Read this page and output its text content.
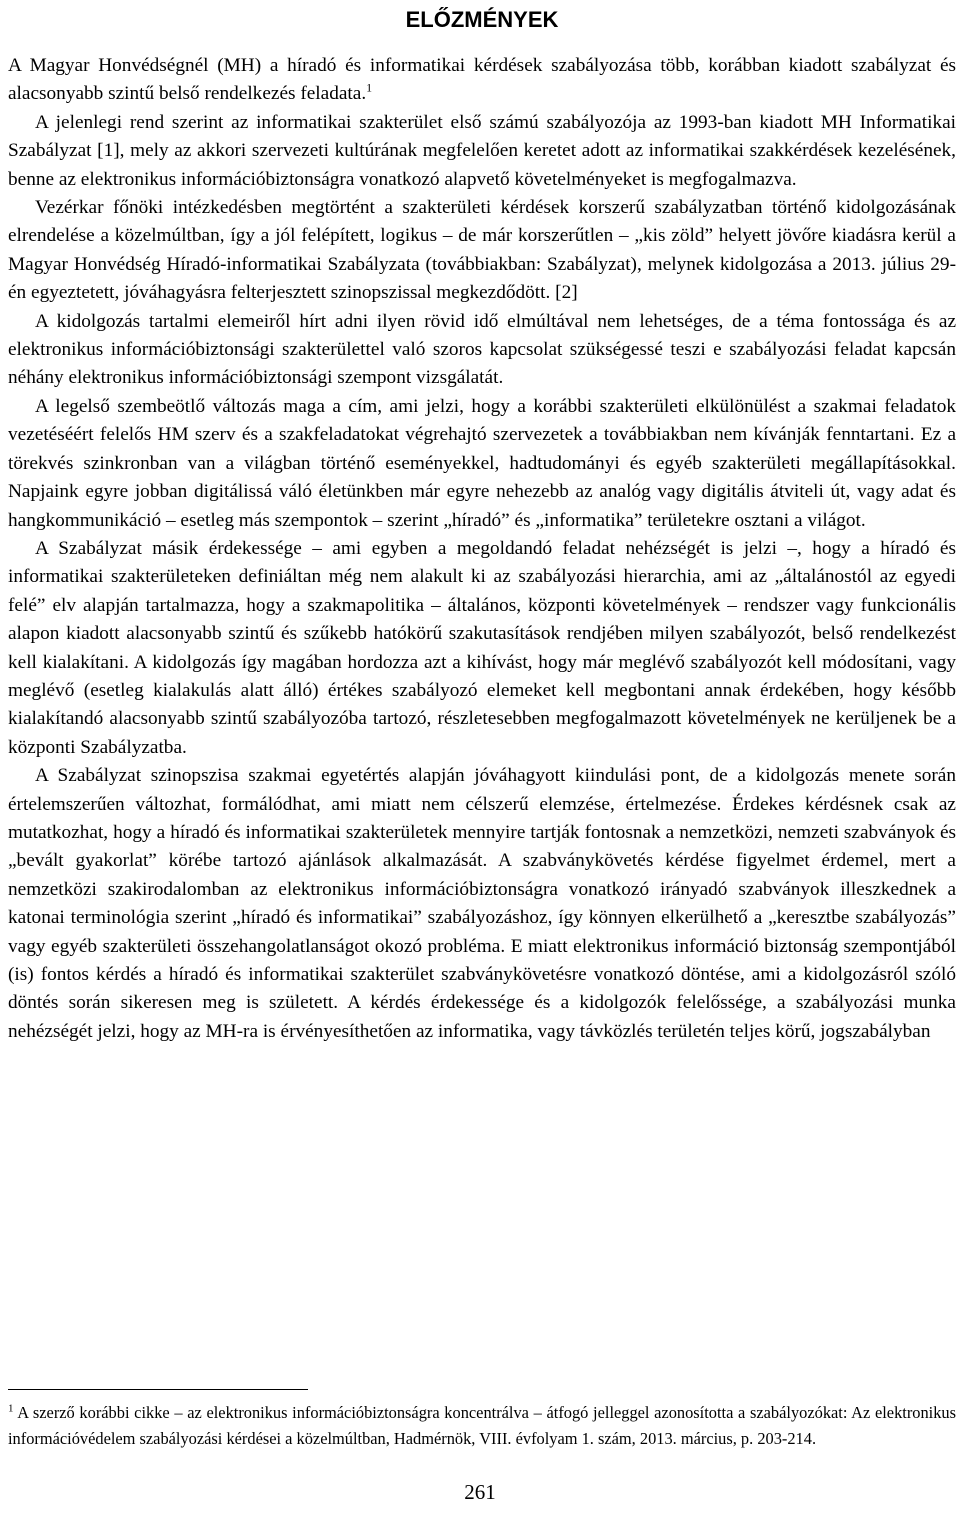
ELŐZMÉNYEK

A Magyar Honvédségnél (MH) a híradó és informatikai kérdések szabályozása több, korábban kiadott szabályzat és alacsonyabb szintű belső rendelkezés feladata.$^1$

A jelenlegi rend szerint az informatikai szakterület első számú szabályozója az 1993-ban kiadott MH Informatikai Szabályzat [1], mely az akkori szervezeti kultúrának megfelelően keretet adott az informatikai szakkérdések kezelésének, benne az elektronikus információbiztonságra vonatkozó alapvető követelményeket is megfogalmazva.

Vezérkar főnöki intézkedésben megtörtént a szakterületi kérdések korszerű szabályzatban történő kidolgozásának elrendelése a közelmúltban, így a jól felépített, logikus – de már korszerűtlen – „kis zöld” helyett jövőre kiadásra kerül a Magyar Honvédség Híradó-informatikai Szabályzata (továbbiakban: Szabályzat), melynek kidolgozása a 2013. július 29-én egyeztetett, jóváhagyásra felterjesztett szinopszissal megkezdődött. [2]

A kidolgozás tartalmi elemeiről hírt adni ilyen rövid idő elmúltával nem lehetséges, de a téma fontossága és az elektronikus információbiztonsági szakterülettel való szoros kapcsolat szükségessé teszi e szabályozási feladat kapcsán néhány elektronikus információbiztonsági szempont vizsgálatát.

A legelső szembeötlő változás maga a cím, ami jelzi, hogy a korábbi szakterületi elkülönülést a szakmai feladatok vezetéséért felelős HM szerv és a szakfeladatokat végrehajtó szervezetek a továbbiakban nem kívánják fenntartani. Ez a törekvés szinkronban van a világban történő eseményekkel, hadtudományi és egyéb szakterületi megállapításokkal. Napjaink egyre jobban digitálissá váló életünkben már egyre nehezebb az analóg vagy digitális átviteli út, vagy adat és hangkommunikáció – esetleg más szempontok – szerint „híradó” és „informatika” területekre osztani a világot.

A Szabályzat másik érdekessége – ami egyben a megoldandó feladat nehézségét is jelzi –, hogy a híradó és informatikai szakterületeken definiáltan még nem alakult ki az szabályozási hierarchia, ami az „általánostól az egyedi felé” elv alapján tartalmazza, hogy a szakmapolitika – általános, központi követelmények – rendszer vagy funkcionális alapon kiadott alacsonyabb szintű és szűkebb hatókörű szakutasítások rendjében milyen szabályozót, belső rendelkezést kell kialakítani. A kidolgozás így magában hordozza azt a kihívást, hogy már meglévő szabályozót kell módosítani, vagy meglévő (esetleg kialakulás alatt álló) értékes szabályozó elemeket kell megbontani annak érdekében, hogy később kialakítandó alacsonyabb szintű szabályozóba tartozó, részletesebben megfogalmazott követelmények ne kerüljenek be a központi Szabályzatba.

A Szabályzat szinopszisa szakmai egyetértés alapján jóváhagyott kiindulási pont, de a kidolgozás menete során értelemszerűen változhat, formálódhat, ami miatt nem célszerű elemzése, értelmezése. Érdekes kérdésnek csak az mutatkozhat, hogy a híradó és informatikai szakterületek mennyire tartják fontosnak a nemzetközi, nemzeti szabványok és „bevált gyakorlat” körébe tartozó ajánlások alkalmazását. A szabványkövetés kérdése figyelmet érdemel, mert a nemzetközi szakirodalomban az elektronikus információbiztonságra vonatkozó irányadó szabványok illeszkednek a katonai terminológia szerint „híradó és informatikai” szabályozáshoz, így könnyen elkerülhető a „keresztbe szabályozás” vagy egyéb szakterületi összehangolatlanságot okozó probléma. E miatt elektronikus információ biztonság szempontjából (is) fontos kérdés a híradó és informatikai szakterület szabványkövetésre vonatkozó döntése, ami a kidolgozásról szóló döntés során sikeresen meg is született. A kérdés érdekessége és a kidolgozók felelőssége, a szabályozási munka nehézségét jelzi, hogy az MH-ra is érvényesíthetően az informatika, vagy távközlés területén teljes körű, jogszabályban

$^1$ A szerző korábbi cikke – az elektronikus információbiztonságra koncentrálva – átfogó jelleggel azonosította a szabályozókat: Az elektronikus információvédelem szabályozási kérdései a közelmúltban, Hadmérnök, VIII. évfolyam 1. szám, 2013. március, p. 203-214.

261
